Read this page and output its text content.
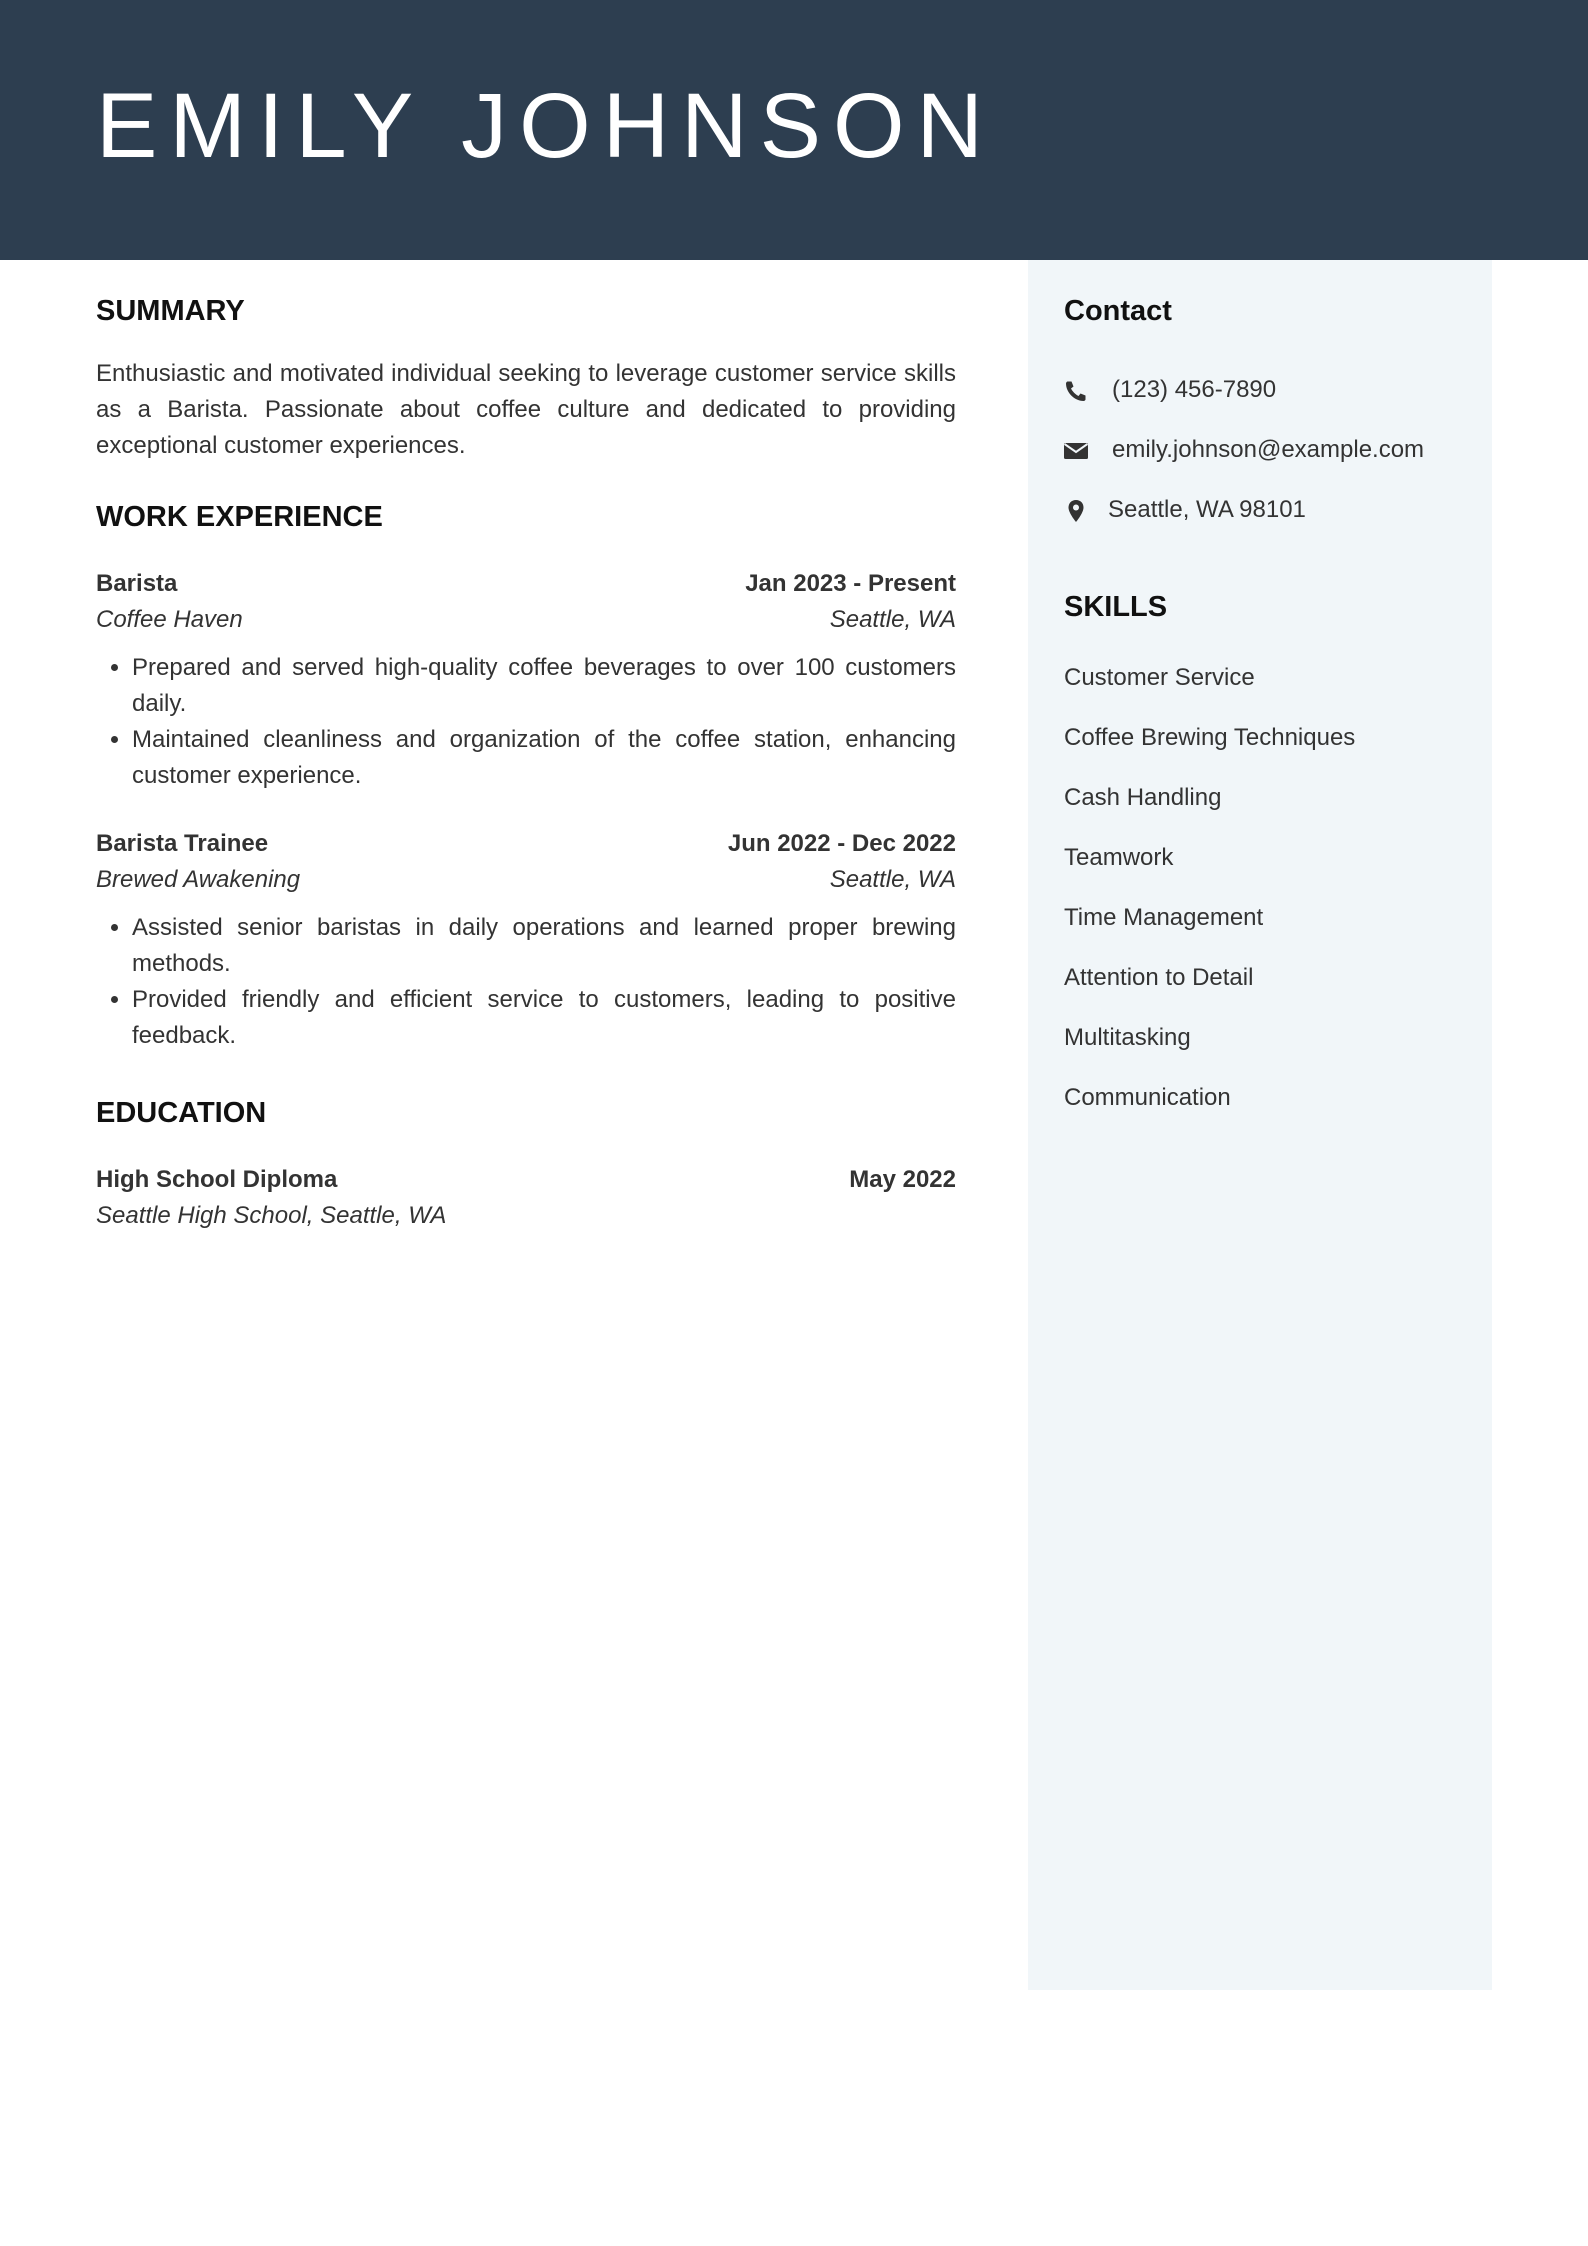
EMILY JOHNSON
SUMMARY
Enthusiastic and motivated individual seeking to leverage customer service skills as a Barista. Passionate about coffee culture and dedicated to providing exceptional customer experiences.
WORK EXPERIENCE
Barista	Jan 2023 - Present
Coffee Haven	Seattle, WA
• Prepared and served high-quality coffee beverages to over 100 customers daily.
• Maintained cleanliness and organization of the coffee station, enhancing customer experience.
Barista Trainee	Jun 2022 - Dec 2022
Brewed Awakening	Seattle, WA
• Assisted senior baristas in daily operations and learned proper brewing methods.
• Provided friendly and efficient service to customers, leading to positive feedback.
EDUCATION
High School Diploma	May 2022
Seattle High School, Seattle, WA
Contact
(123) 456-7890
emily.johnson@example.com
Seattle, WA 98101
SKILLS
Customer Service
Coffee Brewing Techniques
Cash Handling
Teamwork
Time Management
Attention to Detail
Multitasking
Communication
